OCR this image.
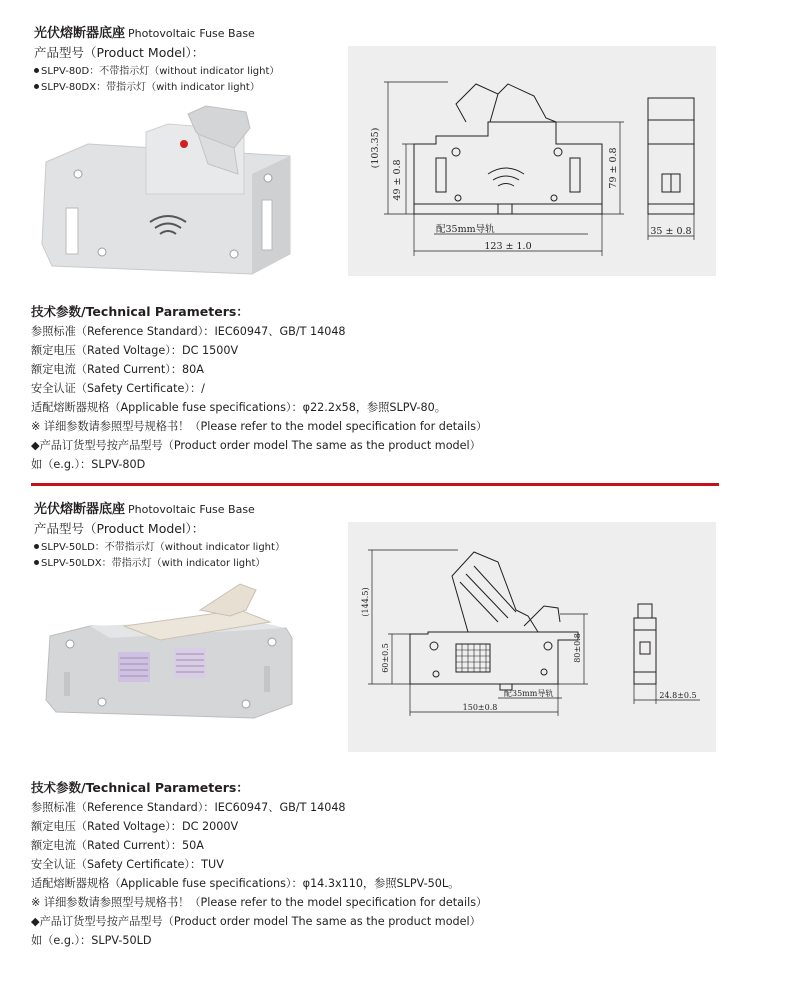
光伏熔断器底座 Photovoltaic Fuse Base
产品型号（Product Model）：
SLPV-80D：不带指示灯（without indicator light）
SLPV-80DX：带指示灯（with indicator light）
(103.35)
49 ± 0.8	79 ± 0.8
配35mm导轨
123 ± 1.0
35 ± 0.8
技术参数/Technical Parameters：
参照标准（Reference Standard）：IEC60947、GB/T 14048
额定电压（Rated Voltage）：DC 1500V
额定电流（Rated Current）：80A
安全认证（Safety Certificate）：/
适配熔断器规格（Applicable fuse specifications）：φ22.2x58，参照SLPV-80。
※ 详细参数请参照型号规格书！（Please refer to the model specification for details）
◆产品订货型号按产品型号（Product order model The same as the product model）
如（e.g.）：SLPV-80D
光伏熔断器底座 Photovoltaic Fuse Base
产品型号（Product Model）：
SLPV-50LD：不带指示灯（without indicator light）
SLPV-50LDX：带指示灯（with indicator light）
(144.5)
60±0.5	80±0.8
配35mm导轨
150±0.8
24.8±0.5
技术参数/Technical Parameters：
参照标准（Reference Standard）：IEC60947、GB/T 14048
额定电压（Rated Voltage）：DC 2000V
额定电流（Rated Current）：50A
安全认证（Safety Certificate）：TUV
适配熔断器规格（Applicable fuse specifications）：φ14.3x110，参照SLPV-50L。
※ 详细参数请参照型号规格书！（Please refer to the model specification for details）
◆产品订货型号按产品型号（Product order model The same as the product model）
如（e.g.）：SLPV-50LD
